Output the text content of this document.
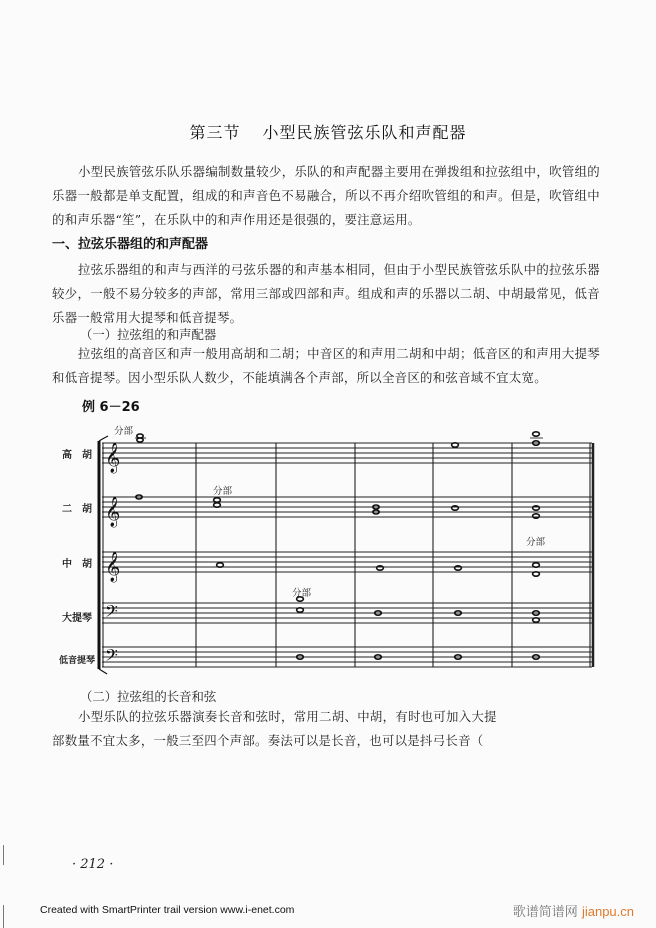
第三节 小型民族管弦乐队和声配器

小型民族管弦乐队乐器编制数量较少，乐队的和声配器主要用在弹拨组和拉弦组中，吹管组的乐器一般都是单支配置，组成的和声音色不易融合，所以不再介绍吹管组的和声。但是，吹管组中的和声乐器“笙”，在乐队中的和声作用还是很强的，要注意运用。

一、拉弦乐器组的和声配器

拉弦乐器组的和声与西洋的弓弦乐器的和声基本相同，但由于小型民族管弦乐队中的拉弦乐器较少，一般不易分较多的声部，常用三部或四部和声。组成和声的乐器以二胡、中胡最常见，低音乐器一般常用大提琴和低音提琴。

（一）拉弦组的和声配器

拉弦组的高音区和声一般用高胡和二胡；中音区的和声用二胡和中胡；低音区的和声用大提琴和低音提琴。因小型乐队人数少，不能填满各个声部，所以全音区的和弦音域不宜太宽。

例 6－26
高　胡
二　胡
中　胡
大提琴
低音提琴
分部
分部
分部
分部
𝄞
𝄞
𝄞
𝄢
𝄢
（二）拉弦组的长音和弦
小型乐队的拉弦乐器演奏长音和弦时，常用二胡、中胡，有时也可加入大提
部数量不宜太多，一般三至四个声部。奏法可以是长音，也可以是抖弓长音（
· 212 ·
Created with SmartPrinter trail version www.i-enet.com	歌谱简谱网 jianpu.cn
